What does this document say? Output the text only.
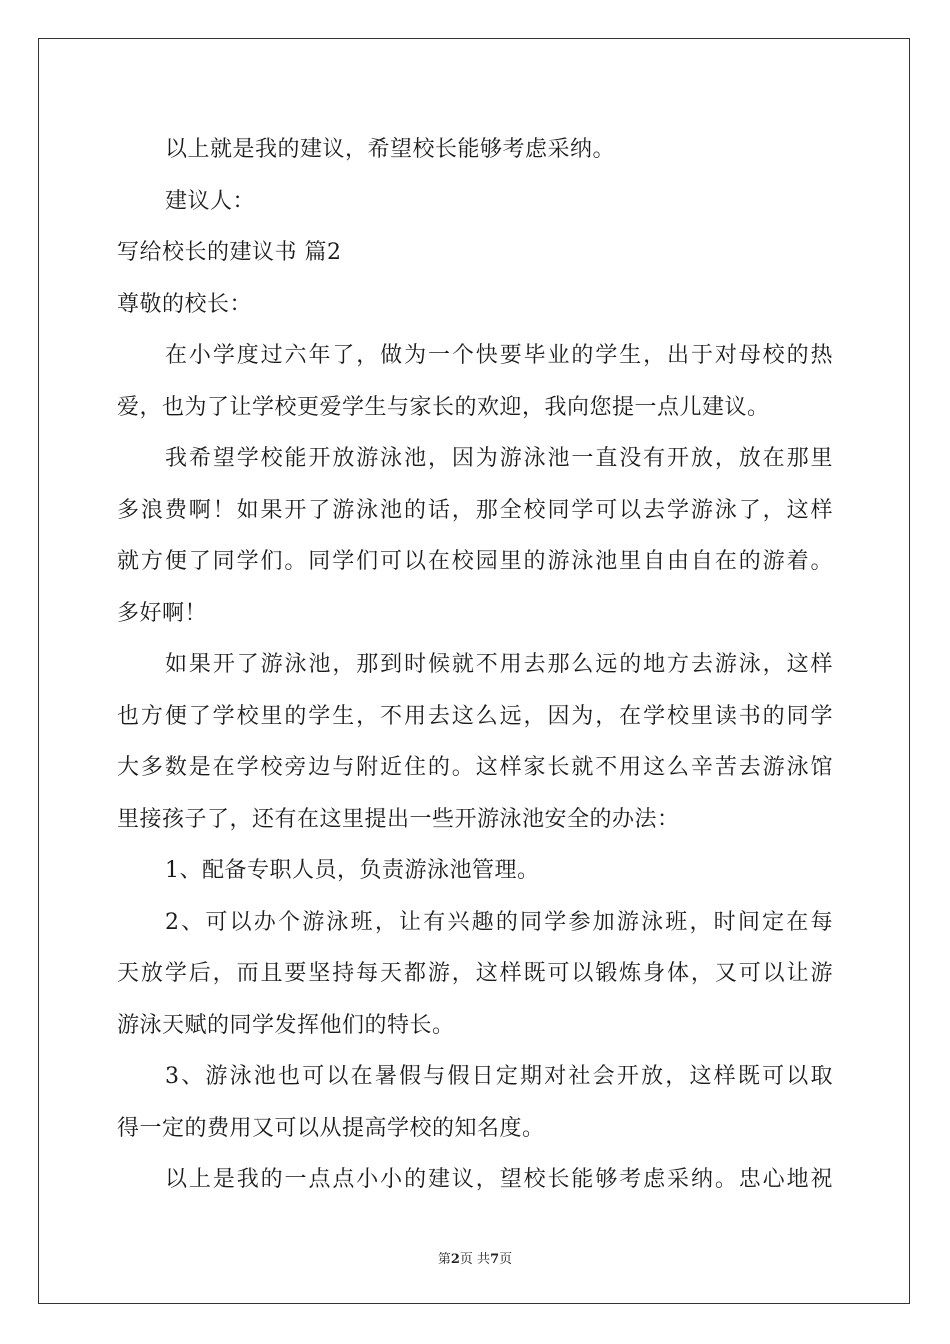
以上就是我的建议，希望校长能够考虑采纳。
建议人：
写给校长的建议书 篇2
尊敬的校长：
在小学度过六年了，做为一个快要毕业的学生，出于对母校的热
爱，也为了让学校更爱学生与家长的欢迎，我向您提一点儿建议。
我希望学校能开放游泳池，因为游泳池一直没有开放，放在那里
多浪费啊！如果开了游泳池的话，那全校同学可以去学游泳了，这样
就方便了同学们。同学们可以在校园里的游泳池里自由自在的游着。
多好啊！
如果开了游泳池，那到时候就不用去那么远的地方去游泳，这样
也方便了学校里的学生，不用去这么远，因为，在学校里读书的同学
大多数是在学校旁边与附近住的。这样家长就不用这么辛苦去游泳馆
里接孩子了，还有在这里提出一些开游泳池安全的办法：
1、配备专职人员，负责游泳池管理。
2、可以办个游泳班，让有兴趣的同学参加游泳班，时间定在每
天放学后，而且要坚持每天都游，这样既可以锻炼身体，又可以让游
游泳天赋的同学发挥他们的特长。
3、游泳池也可以在暑假与假日定期对社会开放，这样既可以取
得一定的费用又可以从提高学校的知名度。
以上是我的一点点小小的建议，望校长能够考虑采纳。忠心地祝
第2页 共7页
